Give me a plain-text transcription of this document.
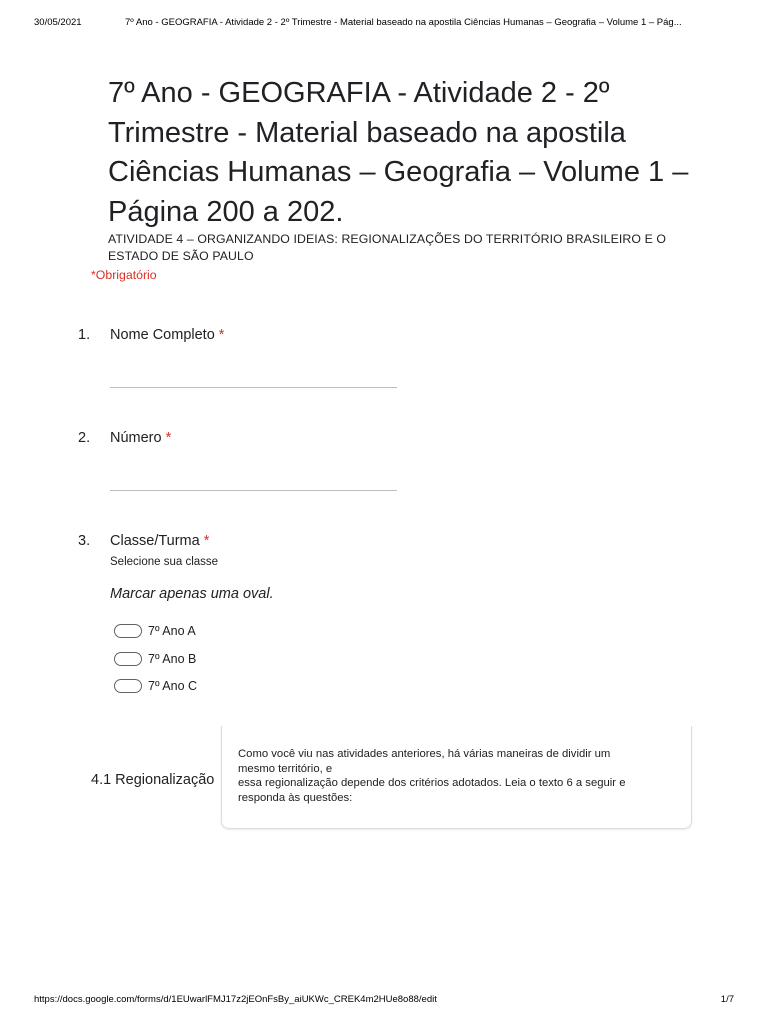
30/05/2021	7º Ano - GEOGRAFIA - Atividade 2 - 2º Trimestre - Material baseado na apostila Ciências Humanas – Geografia – Volume 1 – Pág...
7º Ano - GEOGRAFIA - Atividade 2 - 2º Trimestre - Material baseado na apostila Ciências Humanas – Geografia – Volume 1 – Página 200 a 202.
ATIVIDADE 4 – ORGANIZANDO IDEIAS: REGIONALIZAÇÕES DO TERRITÓRIO BRASILEIRO E O ESTADO DE SÃO PAULO
*Obrigatório
1. Nome Completo *
2. Número *
3. Classe/Turma *
Selecione sua classe
Marcar apenas uma oval.
7º Ano A
7º Ano B
7º Ano C
4.1 Regionalização
Como você viu nas atividades anteriores, há várias maneiras de dividir um
mesmo território, e
essa regionalização depende dos critérios adotados. Leia o texto 6 a seguir e
responda às questões:
https://docs.google.com/forms/d/1EUwarlFMJ17z2jEOnFsBy_aiUKWc_CREK4m2HUe8o88/edit	1/7
